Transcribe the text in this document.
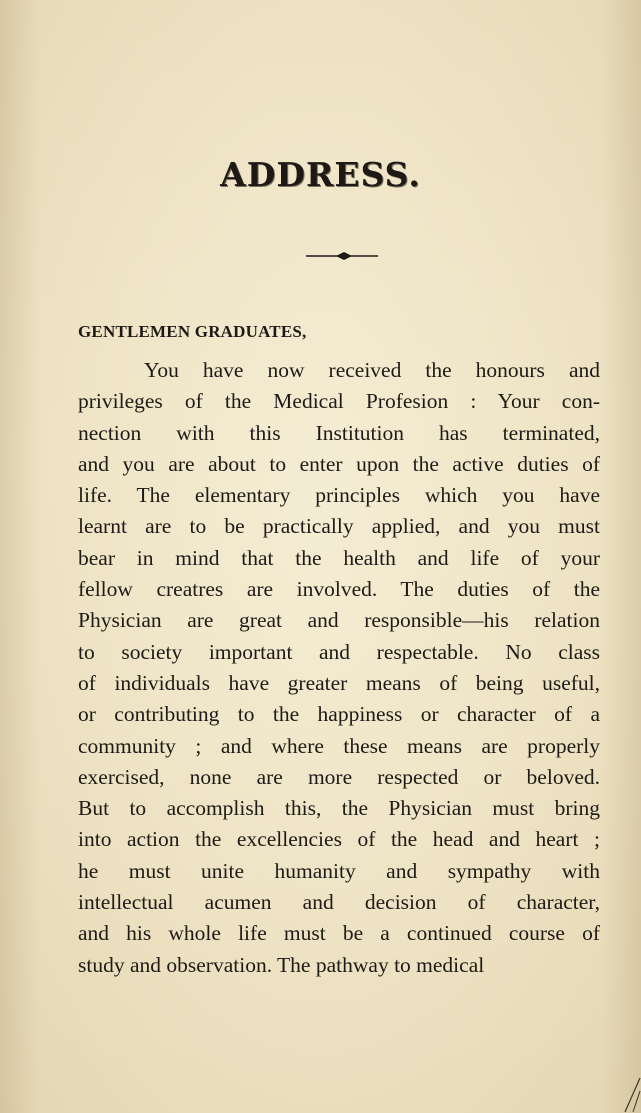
ADDRESS.
GENTLEMEN GRADUATES,
You have now received the honours and
privileges of the Medical Profesion : Your con-
nection with this Institution has terminated,
and you are about to enter upon the active duties of
life. The elementary principles which you have
learnt are to be practically applied, and you must
bear in mind that the health and life of your
fellow creatres are involved. The duties of the
Physician are great and responsible—his relation
to society important and respectable. No class
of individuals have greater means of being useful,
or contributing to the happiness or character of a
community ; and where these means are properly
exercised, none are more respected or beloved.
But to accomplish this, the Physician must bring
into action the excellencies of the head and heart ;
he must unite humanity and sympathy with
intellectual acumen and decision of character,
and his whole life must be a continued course of
study and observation. The pathway to medical
